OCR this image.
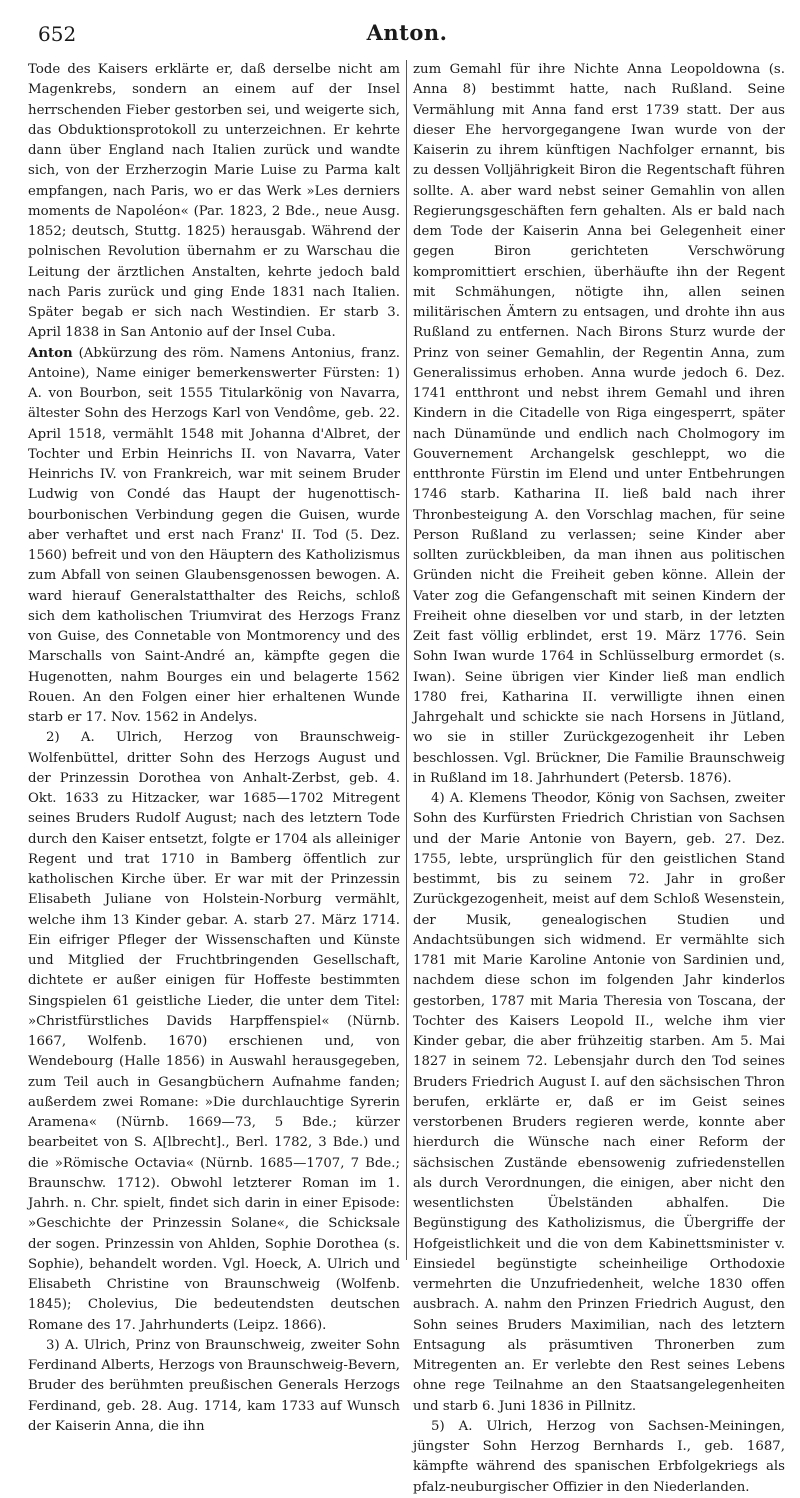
652	Anton.

Tode des Kaisers erklärte er, daß derselbe nicht am Magenkrebs, sondern an einem auf der Insel herrschenden Fieber gestorben sei, und weigerte sich, das Obduktionsprotokoll zu unterzeichnen. Er kehrte dann über England nach Italien zurück und wandte sich, von der Erzherzogin Marie Luise zu Parma kalt empfangen, nach Paris, wo er das Werk »Les derniers moments de Napoléon« (Par. 1823, 2 Bde., neue Ausg. 1852; deutsch, Stuttg. 1825) herausgab. Während der polnischen Revolution übernahm er zu Warschau die Leitung der ärztlichen Anstalten, kehrte jedoch bald nach Paris zurück und ging Ende 1831 nach Italien. Später begab er sich nach Westindien. Er starb 3. April 1838 in San Antonio auf der Insel Cuba.

Anton (Abkürzung des röm. Namens Antonius, franz. Antoine), Name einiger bemerkenswerter Fürsten: 1) A. von Bourbon, seit 1555 Titularkönig von Navarra, ältester Sohn des Herzogs Karl von Vendôme, geb. 22. April 1518, vermählt 1548 mit Johanna d'Albret, der Tochter und Erbin Heinrichs II. von Navarra, Vater Heinrichs IV. von Frankreich, war mit seinem Bruder Ludwig von Condé das Haupt der hugenottisch-bourbonischen Verbindung gegen die Guisen, wurde aber verhaftet und erst nach Franz' II. Tod (5. Dez. 1560) befreit und von den Häuptern des Katholizismus zum Abfall von seinen Glaubensgenossen bewogen. A. ward hierauf Generalstatthalter des Reichs, schloß sich dem katholischen Triumvirat des Herzogs Franz von Guise, des Connetable von Montmorency und des Marschalls von Saint-André an, kämpfte gegen die Hugenotten, nahm Bourges ein und belagerte 1562 Rouen. An den Folgen einer hier erhaltenen Wunde starb er 17. Nov. 1562 in Andelys.

2) A. Ulrich, Herzog von Braunschweig-Wolfenbüttel, dritter Sohn des Herzogs August und der Prinzessin Dorothea von Anhalt-Zerbst, geb. 4. Okt. 1633 zu Hitzacker, war 1685—1702 Mitregent seines Bruders Rudolf August; nach des letztern Tode durch den Kaiser entsetzt, folgte er 1704 als alleiniger Regent und trat 1710 in Bamberg öffentlich zur katholischen Kirche über. Er war mit der Prinzessin Elisabeth Juliane von Holstein-Norburg vermählt, welche ihm 13 Kinder gebar. A. starb 27. März 1714. Ein eifriger Pfleger der Wissenschaften und Künste und Mitglied der Fruchtbringenden Gesellschaft, dichtete er außer einigen für Hoffeste bestimmten Singspielen 61 geistliche Lieder, die unter dem Titel: »Christfürstliches Davids Harpffenspiel« (Nürnb. 1667, Wolfenb. 1670) erschienen und, von Wendebourg (Halle 1856) in Auswahl herausgegeben, zum Teil auch in Gesangbüchern Aufnahme fanden; außerdem zwei Romane: »Die durchlauchtige Syrerin Aramena« (Nürnb. 1669—73, 5 Bde.; kürzer bearbeitet von S. A[lbrecht]., Berl. 1782, 3 Bde.) und die »Römische Octavia« (Nürnb. 1685—1707, 7 Bde.; Braunschw. 1712). Obwohl letzterer Roman im 1. Jahrh. n. Chr. spielt, findet sich darin in einer Episode: »Geschichte der Prinzessin Solane«, die Schicksale der sogen. Prinzessin von Ahlden, Sophie Dorothea (s. Sophie), behandelt worden. Vgl. Hoeck, A. Ulrich und Elisabeth Christine von Braunschweig (Wolfenb. 1845); Cholevius, Die bedeutendsten deutschen Romane des 17. Jahrhunderts (Leipz. 1866).

3) A. Ulrich, Prinz von Braunschweig, zweiter Sohn Ferdinand Alberts, Herzogs von Braunschweig-Bevern, Bruder des berühmten preußischen Generals Herzogs Ferdinand, geb. 28. Aug. 1714, kam 1733 auf Wunsch der Kaiserin Anna, die ihn

zum Gemahl für ihre Nichte Anna Leopoldowna (s. Anna 8) bestimmt hatte, nach Rußland. Seine Vermählung mit Anna fand erst 1739 statt. Der aus dieser Ehe hervorgegangene Iwan wurde von der Kaiserin zu ihrem künftigen Nachfolger ernannt, bis zu dessen Volljährigkeit Biron die Regentschaft führen sollte. A. aber ward nebst seiner Gemahlin von allen Regierungsgeschäften fern gehalten. Als er bald nach dem Tode der Kaiserin Anna bei Gelegenheit einer gegen Biron gerichteten Verschwörung kompromittiert erschien, überhäufte ihn der Regent mit Schmähungen, nötigte ihn, allen seinen militärischen Ämtern zu entsagen, und drohte ihn aus Rußland zu entfernen. Nach Birons Sturz wurde der Prinz von seiner Gemahlin, der Regentin Anna, zum Generalissimus erhoben. Anna wurde jedoch 6. Dez. 1741 entthront und nebst ihrem Gemahl und ihren Kindern in die Citadelle von Riga eingesperrt, später nach Dünamünde und endlich nach Cholmogory im Gouvernement Archangelsk geschleppt, wo die entthronte Fürstin im Elend und unter Entbehrungen 1746 starb. Katharina II. ließ bald nach ihrer Thronbesteigung A. den Vorschlag machen, für seine Person Rußland zu verlassen; seine Kinder aber sollten zurückbleiben, da man ihnen aus politischen Gründen nicht die Freiheit geben könne. Allein der Vater zog die Gefangenschaft mit seinen Kindern der Freiheit ohne dieselben vor und starb, in der letzten Zeit fast völlig erblindet, erst 19. März 1776. Sein Sohn Iwan wurde 1764 in Schlüsselburg ermordet (s. Iwan). Seine übrigen vier Kinder ließ man endlich 1780 frei, Katharina II. verwilligte ihnen einen Jahrgehalt und schickte sie nach Horsens in Jütland, wo sie in stiller Zurückgezogenheit ihr Leben beschlossen. Vgl. Brückner, Die Familie Braunschweig in Rußland im 18. Jahrhundert (Petersb. 1876).

4) A. Klemens Theodor, König von Sachsen, zweiter Sohn des Kurfürsten Friedrich Christian von Sachsen und der Marie Antonie von Bayern, geb. 27. Dez. 1755, lebte, ursprünglich für den geistlichen Stand bestimmt, bis zu seinem 72. Jahr in großer Zurückgezogenheit, meist auf dem Schloß Wesenstein, der Musik, genealogischen Studien und Andachtsübungen sich widmend. Er vermählte sich 1781 mit Marie Karoline Antonie von Sardinien und, nachdem diese schon im folgenden Jahr kinderlos gestorben, 1787 mit Maria Theresia von Toscana, der Tochter des Kaisers Leopold II., welche ihm vier Kinder gebar, die aber frühzeitig starben. Am 5. Mai 1827 in seinem 72. Lebensjahr durch den Tod seines Bruders Friedrich August I. auf den sächsischen Thron berufen, erklärte er, daß er im Geist seines verstorbenen Bruders regieren werde, konnte aber hierdurch die Wünsche nach einer Reform der sächsischen Zustände ebensowenig zufriedenstellen als durch Verordnungen, die einigen, aber nicht den wesentlichsten Übelständen abhalfen. Die Begünstigung des Katholizismus, die Übergriffe der Hofgeistlichkeit und die von dem Kabinettsminister v. Einsiedel begünstigte scheinheilige Orthodoxie vermehrten die Unzufriedenheit, welche 1830 offen ausbrach. A. nahm den Prinzen Friedrich August, den Sohn seines Bruders Maximilian, nach des letztern Entsagung als präsumtiven Thronerben zum Mitregenten an. Er verlebte den Rest seines Lebens ohne rege Teilnahme an den Staatsangelegenheiten und starb 6. Juni 1836 in Pillnitz.

5) A. Ulrich, Herzog von Sachsen-Meiningen, jüngster Sohn Herzog Bernhards I., geb. 1687, kämpfte während des spanischen Erbfolgekriegs als pfalz-neuburgischer Offizier in den Niederlanden.
